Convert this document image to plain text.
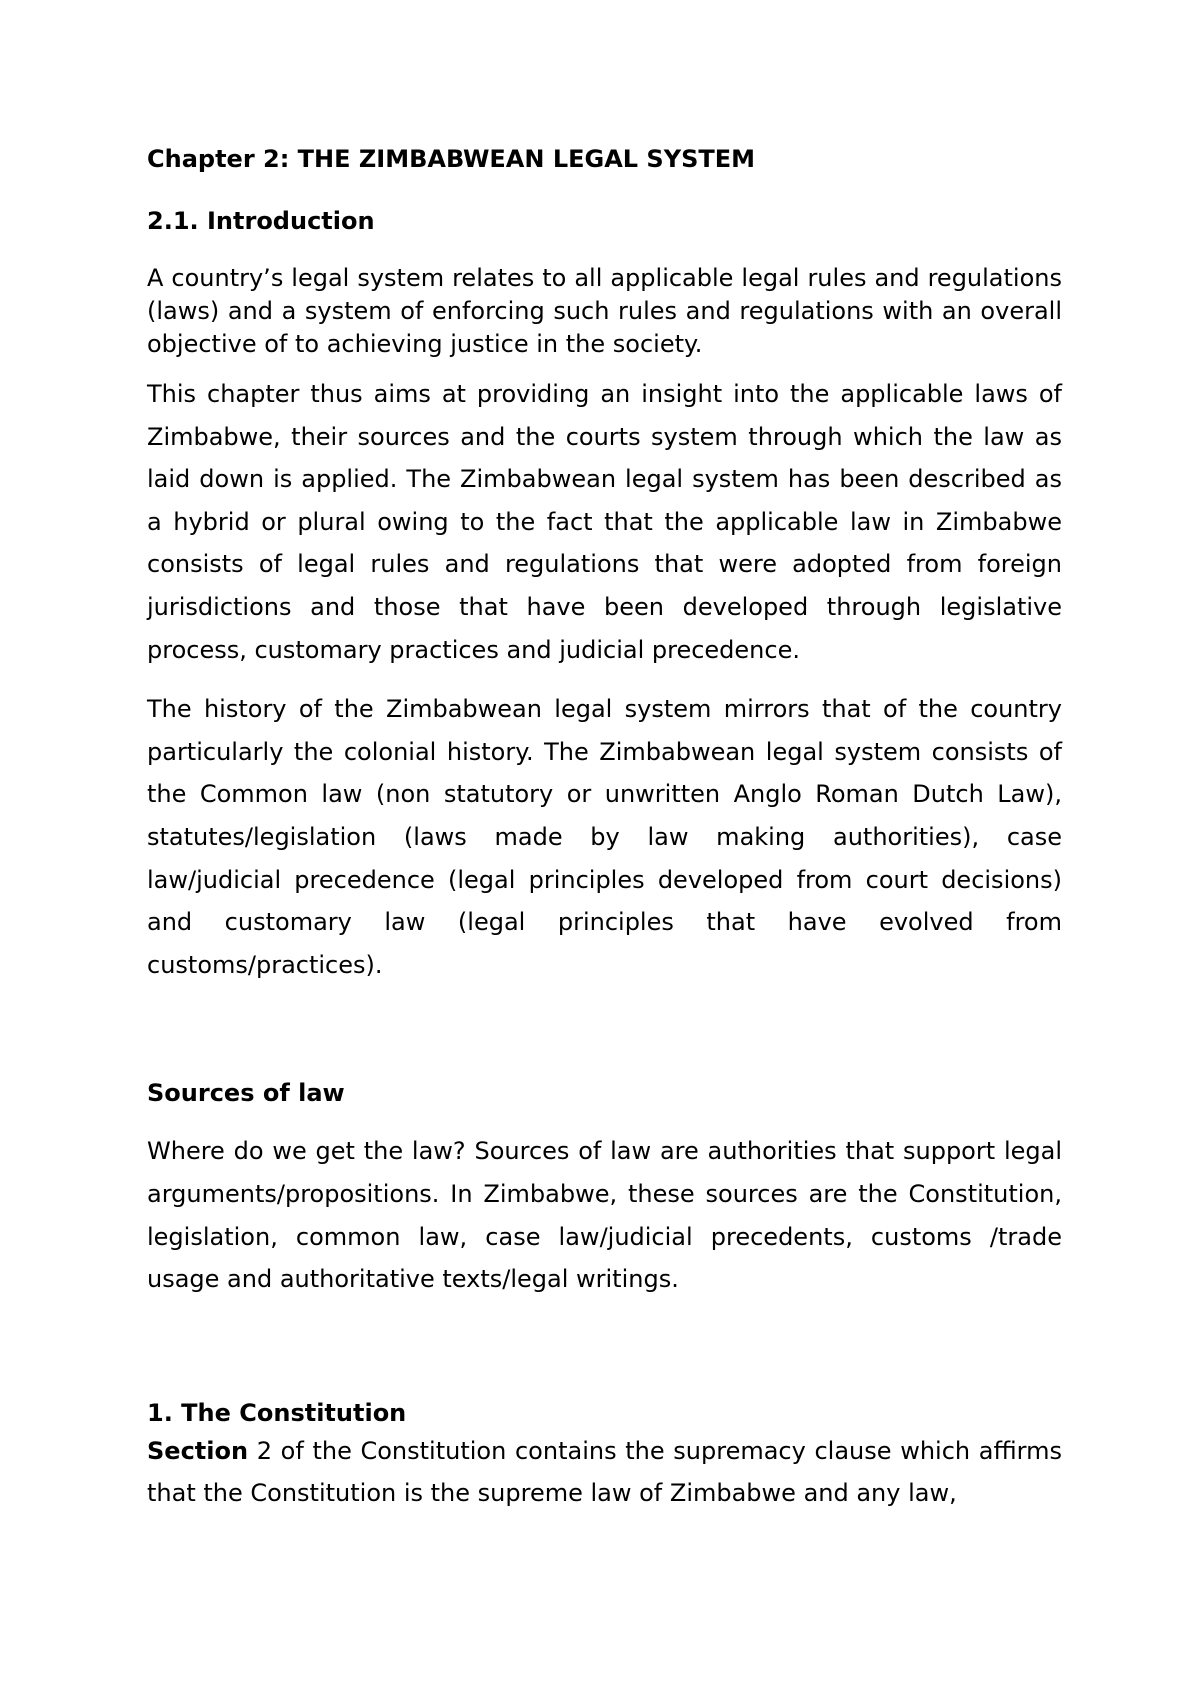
Chapter 2: THE ZIMBABWEAN LEGAL SYSTEM
2.1. Introduction

A country’s legal system relates to all applicable legal rules and regulations (laws) and a system of enforcing such rules and regulations with an overall objective of to achieving justice in the society.

This chapter thus aims at providing an insight into the applicable laws of Zimbabwe, their sources and the courts system through which the law as laid down is applied. The Zimbabwean legal system has been described as a hybrid or plural owing to the fact that the applicable law in Zimbabwe consists of legal rules and regulations that were adopted from foreign jurisdictions and those that have been developed through legislative process, customary practices and judicial precedence.

The history of the Zimbabwean legal system mirrors that of the country particularly the colonial history. The Zimbabwean legal system consists of the Common law (non statutory or unwritten Anglo Roman Dutch Law), statutes/legislation (laws made by law making authorities), case law/judicial precedence (legal principles developed from court decisions) and customary law (legal principles that have evolved from customs/practices).

Sources of law

Where do we get the law? Sources of law are authorities that support legal arguments/propositions. In Zimbabwe, these sources are the Constitution, legislation, common law, case law/judicial precedents, customs /trade usage and authoritative texts/legal writings.

1. The Constitution

Section 2 of the Constitution contains the supremacy clause which affirms that the Constitution is the supreme law of Zimbabwe and any law,
